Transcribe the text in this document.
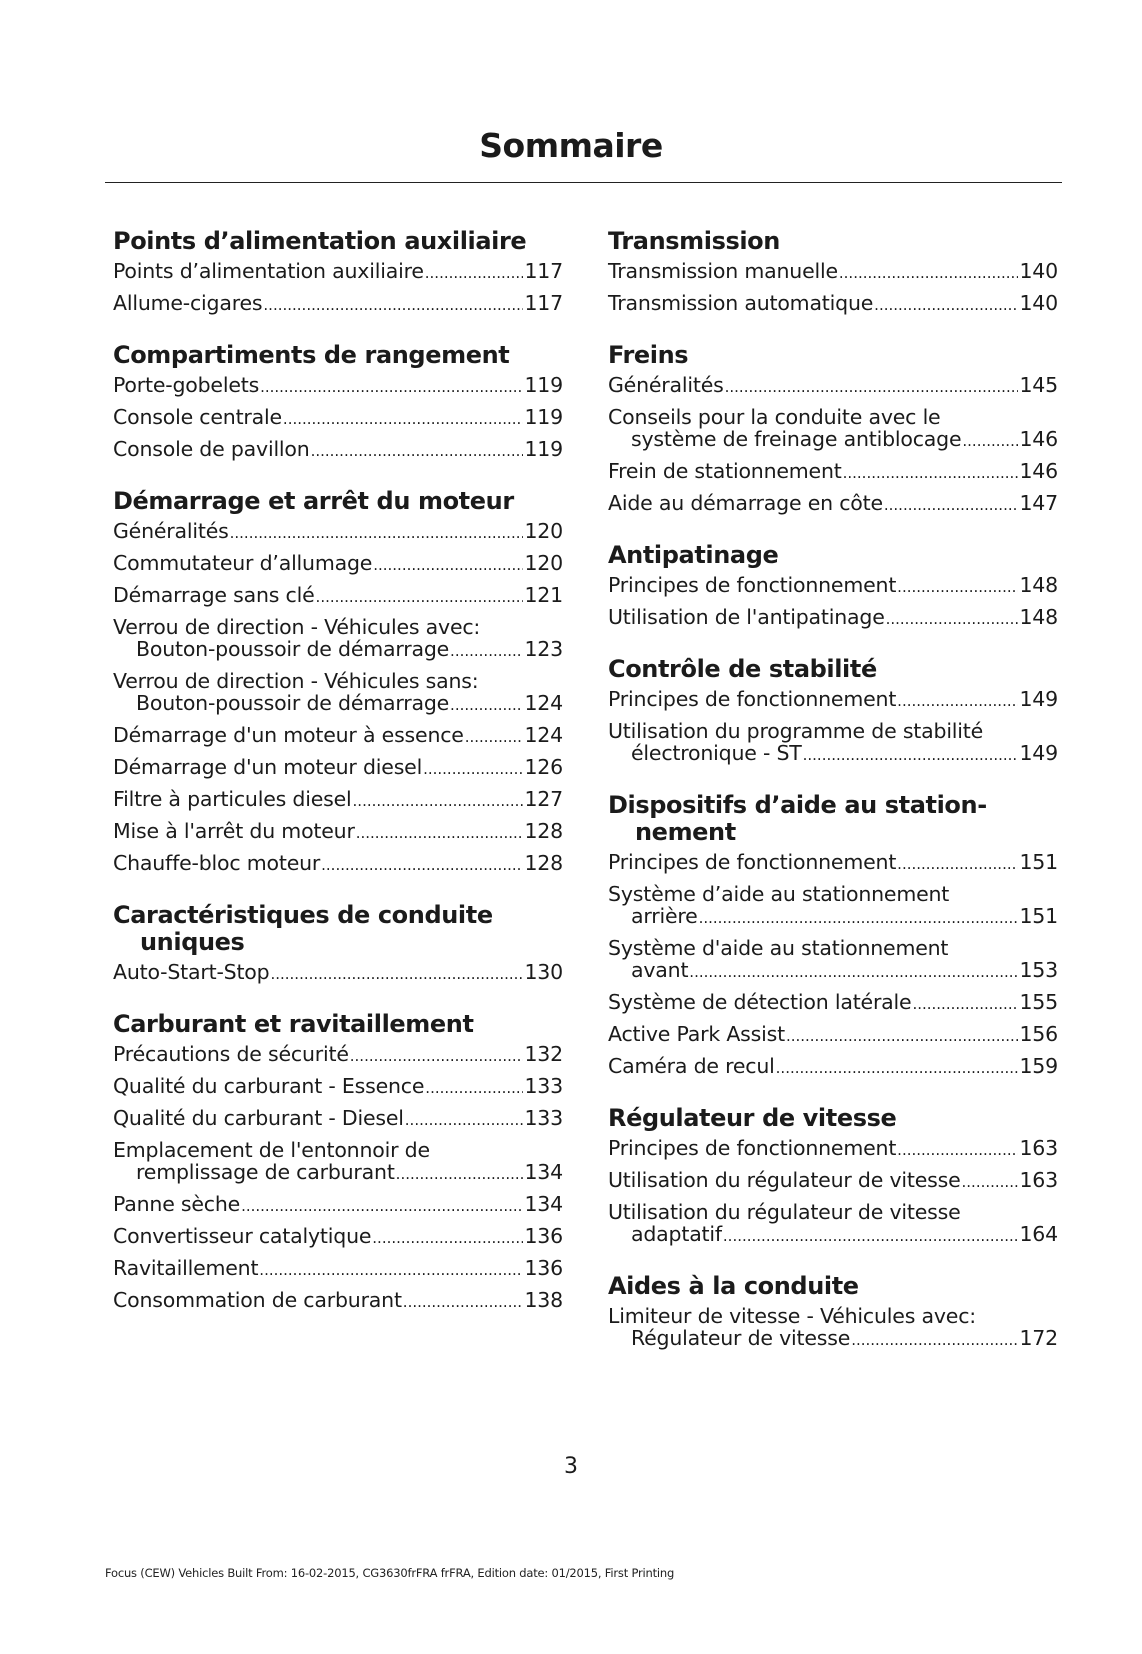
Sommaire
Points d’alimentation auxiliaire
Points d’alimentation auxiliaire .....	117
Allume-cigares .....	117
Compartiments de rangement
Porte-gobelets .....	119
Console centrale .....	119
Console de pavillon .....	119
Démarrage et arrêt du moteur
Généralités .....	120
Commutateur d’allumage .....	120
Démarrage sans clé .....	121
Verrou de direction - Véhicules avec:
Bouton-poussoir de démarrage .....	123
Verrou de direction - Véhicules sans:
Bouton-poussoir de démarrage .....	124
Démarrage d'un moteur à essence .....	124
Démarrage d'un moteur diesel .....	126
Filtre à particules diesel .....	127
Mise à l'arrêt du moteur .....	128
Chauffe-bloc moteur .....	128
Caractéristiques de conduite uniques
Auto-Start-Stop .....	130
Carburant et ravitaillement
Précautions de sécurité .....	132
Qualité du carburant - Essence .....	133
Qualité du carburant - Diesel .....	133
Emplacement de l'entonnoir de
remplissage de carburant .....	134
Panne sèche .....	134
Convertisseur catalytique .....	136
Ravitaillement .....	136
Consommation de carburant .....	138
Transmission
Transmission manuelle .....	140
Transmission automatique .....	140
Freins
Généralités .....	145
Conseils pour la conduite avec le
système de freinage antiblocage .....	146
Frein de stationnement .....	146
Aide au démarrage en côte .....	147
Antipatinage
Principes de fonctionnement .....	148
Utilisation de l'antipatinage .....	148
Contrôle de stabilité
Principes de fonctionnement .....	149
Utilisation du programme de stabilité
électronique - ST .....	149
Dispositifs d’aide au station- nement
Principes de fonctionnement .....	151
Système d’aide au stationnement
arrière .....	151
Système d'aide au stationnement
avant .....	153
Système de détection latérale .....	155
Active Park Assist .....	156
Caméra de recul .....	159
Régulateur de vitesse
Principes de fonctionnement .....	163
Utilisation du régulateur de vitesse .....	163
Utilisation du régulateur de vitesse
adaptatif .....	164
Aides à la conduite
Limiteur de vitesse - Véhicules avec:
Régulateur de vitesse .....	172
3
Focus (CEW) Vehicles Built From: 16-02-2015, CG3630frFRA frFRA, Edition date: 01/2015, First Printing
